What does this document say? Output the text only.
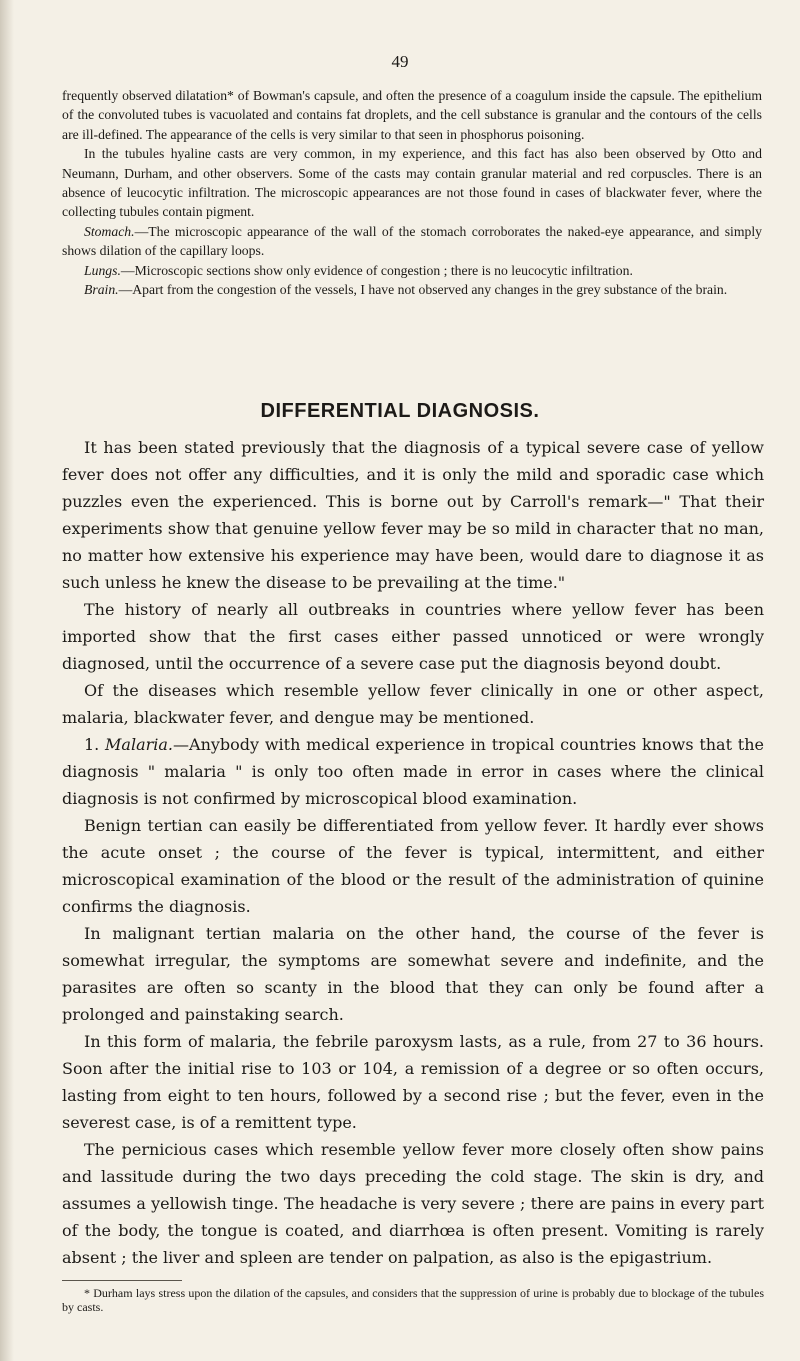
49

frequently observed dilatation* of Bowman's capsule, and often the presence of a coagulum inside the capsule. The epithelium of the convoluted tubes is vacuolated and contains fat droplets, and the cell substance is granular and the contours of the cells are ill-defined. The appearance of the cells is very similar to that seen in phosphorus poisoning.

In the tubules hyaline casts are very common, in my experience, and this fact has also been observed by Otto and Neumann, Durham, and other observers. Some of the casts may contain granular material and red corpuscles. There is an absence of leucocytic infiltration. The microscopic appearances are not those found in cases of blackwater fever, where the collecting tubules contain pigment.

Stomach.—The microscopic appearance of the wall of the stomach corroborates the naked-eye appearance, and simply shows dilation of the capillary loops.

Lungs.—Microscopic sections show only evidence of congestion ; there is no leucocytic infiltration.

Brain.—Apart from the congestion of the vessels, I have not observed any changes in the grey substance of the brain.

DIFFERENTIAL DIAGNOSIS.

It has been stated previously that the diagnosis of a typical severe case of yellow fever does not offer any difficulties, and it is only the mild and sporadic case which puzzles even the experienced. This is borne out by Carroll's remark—" That their experiments show that genuine yellow fever may be so mild in character that no man, no matter how extensive his experience may have been, would dare to diagnose it as such unless he knew the disease to be prevailing at the time."

The history of nearly all outbreaks in countries where yellow fever has been imported show that the first cases either passed unnoticed or were wrongly diagnosed, until the occurrence of a severe case put the diagnosis beyond doubt.

Of the diseases which resemble yellow fever clinically in one or other aspect, malaria, blackwater fever, and dengue may be mentioned.

1. Malaria.—Anybody with medical experience in tropical countries knows that the diagnosis " malaria " is only too often made in error in cases where the clinical diagnosis is not confirmed by microscopical blood examination.

Benign tertian can easily be differentiated from yellow fever. It hardly ever shows the acute onset ; the course of the fever is typical, intermittent, and either microscopical examination of the blood or the result of the administration of quinine confirms the diagnosis.

In malignant tertian malaria on the other hand, the course of the fever is somewhat irregular, the symptoms are somewhat severe and indefinite, and the parasites are often so scanty in the blood that they can only be found after a prolonged and painstaking search.

In this form of malaria, the febrile paroxysm lasts, as a rule, from 27 to 36 hours. Soon after the initial rise to 103 or 104, a remission of a degree or so often occurs, lasting from eight to ten hours, followed by a second rise ; but the fever, even in the severest case, is of a remittent type.

The pernicious cases which resemble yellow fever more closely often show pains and lassitude during the two days preceding the cold stage. The skin is dry, and assumes a yellowish tinge. The headache is very severe ; there are pains in every part of the body, the tongue is coated, and diarrhœa is often present. Vomiting is rarely absent ; the liver and spleen are tender on palpation, as also is the epigastrium.

* Durham lays stress upon the dilation of the capsules, and considers that the suppression of urine is probably due to blockage of the tubules by casts.
